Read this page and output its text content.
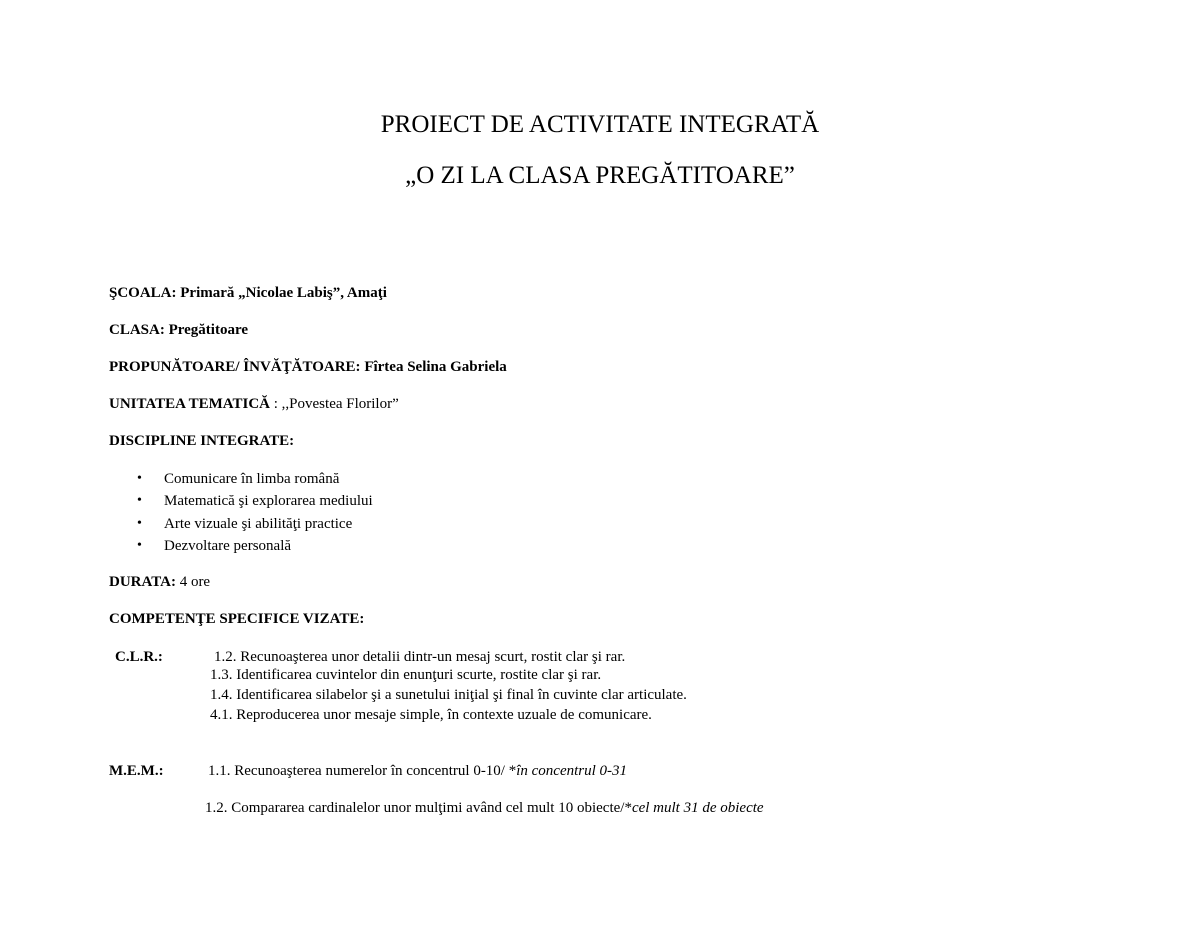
PROIECT DE ACTIVITATE INTEGRATĂ
„O ZI LA CLASA PREGĂTITOARE”
ŞCOALA: Primară „Nicolae Labiş”, Amaţi
CLASA: Pregătitoare
PROPUNĂTOARE/ ÎNVĂŢĂTOARE: Fîrtea Selina Gabriela
UNITATEA TEMATICĂ : ,,Povestea Florilor”
DISCIPLINE INTEGRATE:
• Comunicare în limba română
• Matematică şi explorarea mediului
• Arte vizuale şi abilităţi practice
• Dezvoltare personală
DURATA: 4 ore
COMPETENŢE SPECIFICE VIZATE:
C.L.R.:	1.2. Recunoaşterea unor detalii dintr-un mesaj scurt, rostit clar şi rar.
1.3. Identificarea cuvintelor din enunţuri scurte, rostite clar şi rar.
1.4. Identificarea silabelor şi a sunetului iniţial şi final în cuvinte clar articulate.
4.1. Reproducerea unor mesaje simple, în contexte uzuale de comunicare.
M.E.M.:	1.1. Recunoaşterea numerelor în concentrul 0-10/ *în concentrul 0-31
1.2. Compararea cardinalelor unor mulţimi având cel mult 10 obiecte/*cel mult 31 de obiecte
